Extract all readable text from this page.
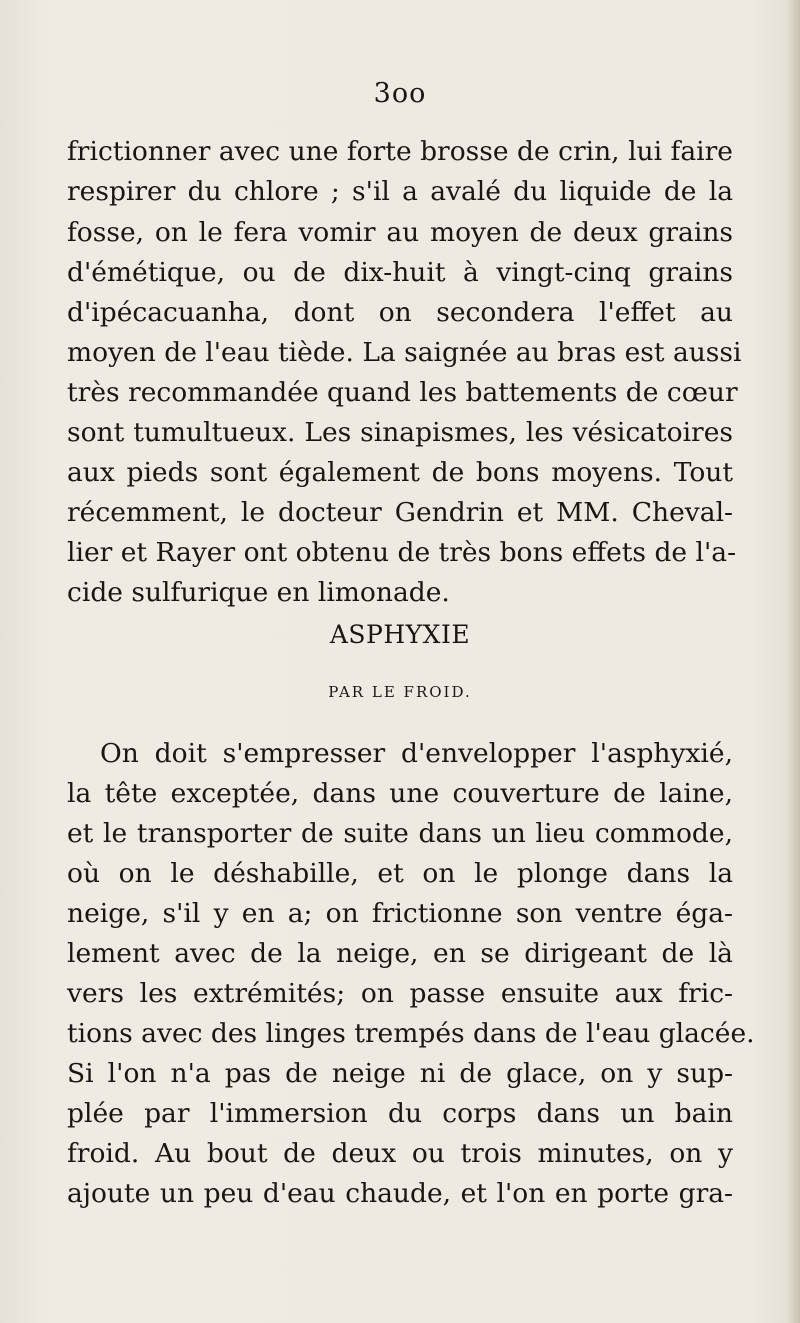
3oo
frictionner avec une forte brosse de crin, lui faire
respirer du chlore ; s'il a avalé du liquide de la
fosse, on le fera vomir au moyen de deux grains
d'émétique, ou de dix-huit à vingt-cinq grains
d'ipécacuanha, dont on secondera l'effet au
moyen de l'eau tiède. La saignée au bras est aussi
très recommandée quand les battements de cœur
sont tumultueux. Les sinapismes, les vésicatoires
aux pieds sont également de bons moyens. Tout
récemment, le docteur Gendrin et MM. Cheval-
lier et Rayer ont obtenu de très bons effets de l'a-
cide sulfurique en limonade.
ASPHYXIE
PAR LE FROID.
On doit s'empresser d'envelopper l'asphyxié,
la tête exceptée, dans une couverture de laine,
et le transporter de suite dans un lieu commode,
où on le déshabille, et on le plonge dans la
neige, s'il y en a; on frictionne son ventre éga-
lement avec de la neige, en se dirigeant de là
vers les extrémités; on passe ensuite aux fric-
tions avec des linges trempés dans de l'eau glacée.
Si l'on n'a pas de neige ni de glace, on y sup-
plée par l'immersion du corps dans un bain
froid. Au bout de deux ou trois minutes, on y
ajoute un peu d'eau chaude, et l'on en porte gra-
